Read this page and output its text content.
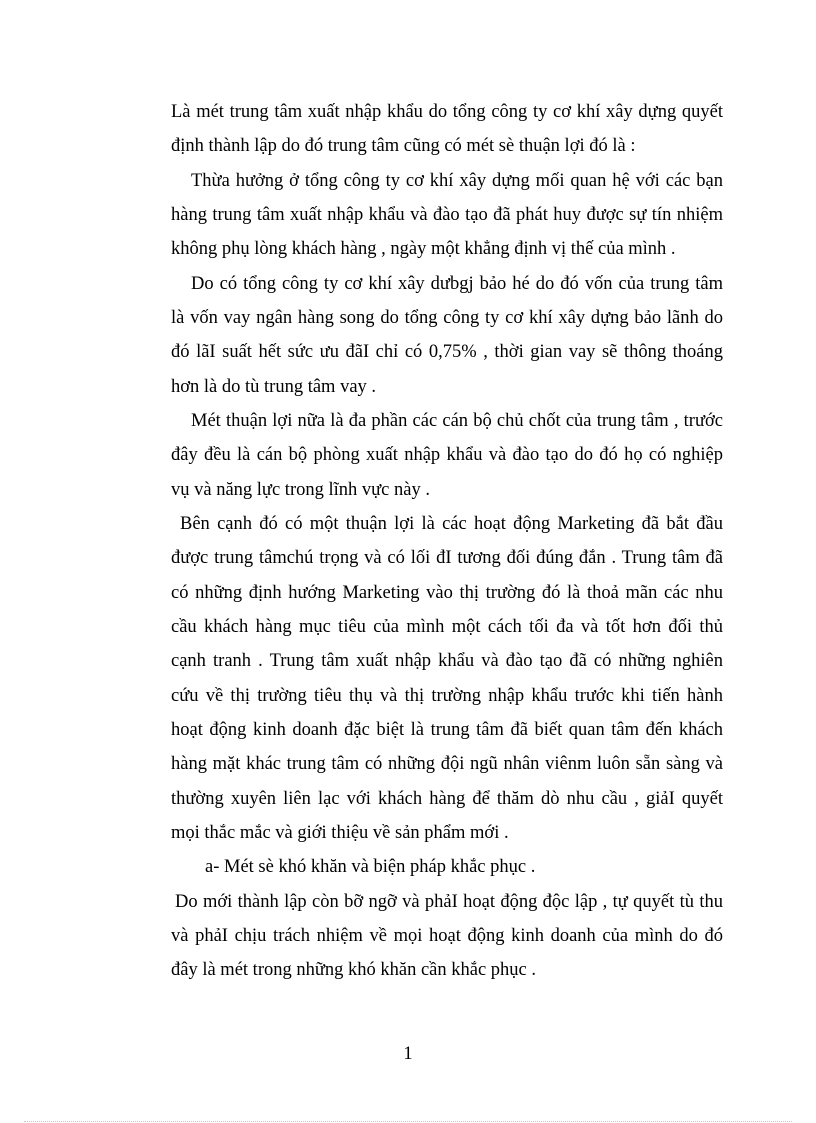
Là mét trung tâm xuất nhập khẩu do tổng công ty cơ khí xây dựng quyết
định thành lập do đó trung tâm cũng có mét sè thuận lợi đó là :
Thừa hưởng ở tổng công ty cơ khí xây dựng mối quan hệ với các bạn
hàng trung tâm xuất nhập khẩu và đào tạo đã phát huy được sự tín nhiệm
không phụ lòng khách hàng , ngày một khẳng định vị thế của mình .
Do có tổng công ty cơ khí xây dưbgj bảo hé do đó vốn của trung tâm
là vốn vay ngân hàng song do tổng công ty cơ khí xây dựng bảo lãnh do
đó lãI suất hết sức ưu đãI chỉ có 0,75% , thời gian vay sẽ thông thoáng
hơn là do tù trung tâm vay .
Mét thuận lợi nữa là đa phần các cán bộ chủ chốt của trung tâm , trước
đây đều là cán bộ phòng xuất nhập khẩu và đào tạo do đó họ có nghiệp
vụ và năng lực trong lĩnh vực này .
Bên cạnh đó có một thuận lợi là các hoạt động Marketing đã bắt đầu
được trung tâmchú trọng và có lối đI tương đối đúng đắn . Trung tâm đã
có những định hướng Marketing vào thị trường đó là thoả mãn các nhu
cầu khách hàng mục tiêu của mình một cách tối đa và tốt hơn đối thủ
cạnh tranh . Trung tâm xuất nhập khẩu và đào tạo đã có những nghiên
cứu về thị trường tiêu thụ và thị trường nhập khẩu trước khi tiến hành
hoạt động kinh doanh đặc biệt là trung tâm đã biết quan tâm đến khách
hàng mặt khác trung tâm có những đội ngũ nhân viênm luôn sẵn sàng và
thường xuyên liên lạc với khách hàng để thăm dò nhu cầu , giảI quyết
mọi thắc mắc và giới thiệu về sản phẩm mới .
a- Mét sè khó khăn và biện pháp khắc phục .
Do mới thành lập còn bỡ ngỡ và phảI hoạt động độc lập , tự quyết tù thu
và phảI chịu trách nhiệm về mọi hoạt động kinh doanh của mình do đó
đây là mét trong những khó khăn cần khắc phục .
1
